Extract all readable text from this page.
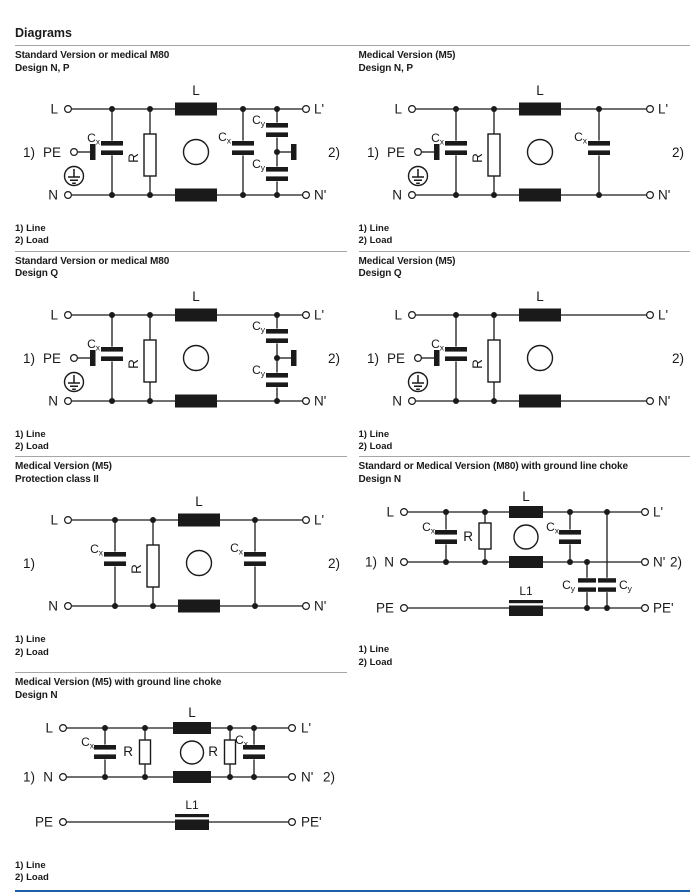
Diagrams
Standard Version or medical M80
Design N, P
L
N
L'
N'
1) PE	2)
R
L
$C_x$	$C_x$
$C_y$
$C_y$
1) Line
2) Load
Medical Version (M5)
Design N, P
L
N
L'
N'
1) PE	2)
R
L
$C_x$	$C_x$
1) Line
2) Load
Standard Version or medical M80
Design Q
L
N
L'
N'
1) PE	2)
R
L
$C_x$
$C_y$
$C_y$
1) Line
2) Load
Medical Version (M5)
Design Q
L
N
L'
N'
1) PE	2)
R
L
$C_x$
1) Line
2) Load
Medical Version (M5)
Protection class II
L
N
L'
N'
1)	2)
R
L
$C_x$	$C_x$
1) Line
2) Load
Standard or Medical Version (M80) with ground line choke
Design N
L
N
PE
L'
N'
PE'
1)	2)
R
L
L1
$C_x$	$C_x$
$C_y$	$C_y$
1) Line
2) Load
Medical Version (M5) with ground line choke
Design N
L
N
PE
L'
N'
PE'
1)	2)
R	R
L
L1
$C_x$	$C_x$
1) Line
2) Load
